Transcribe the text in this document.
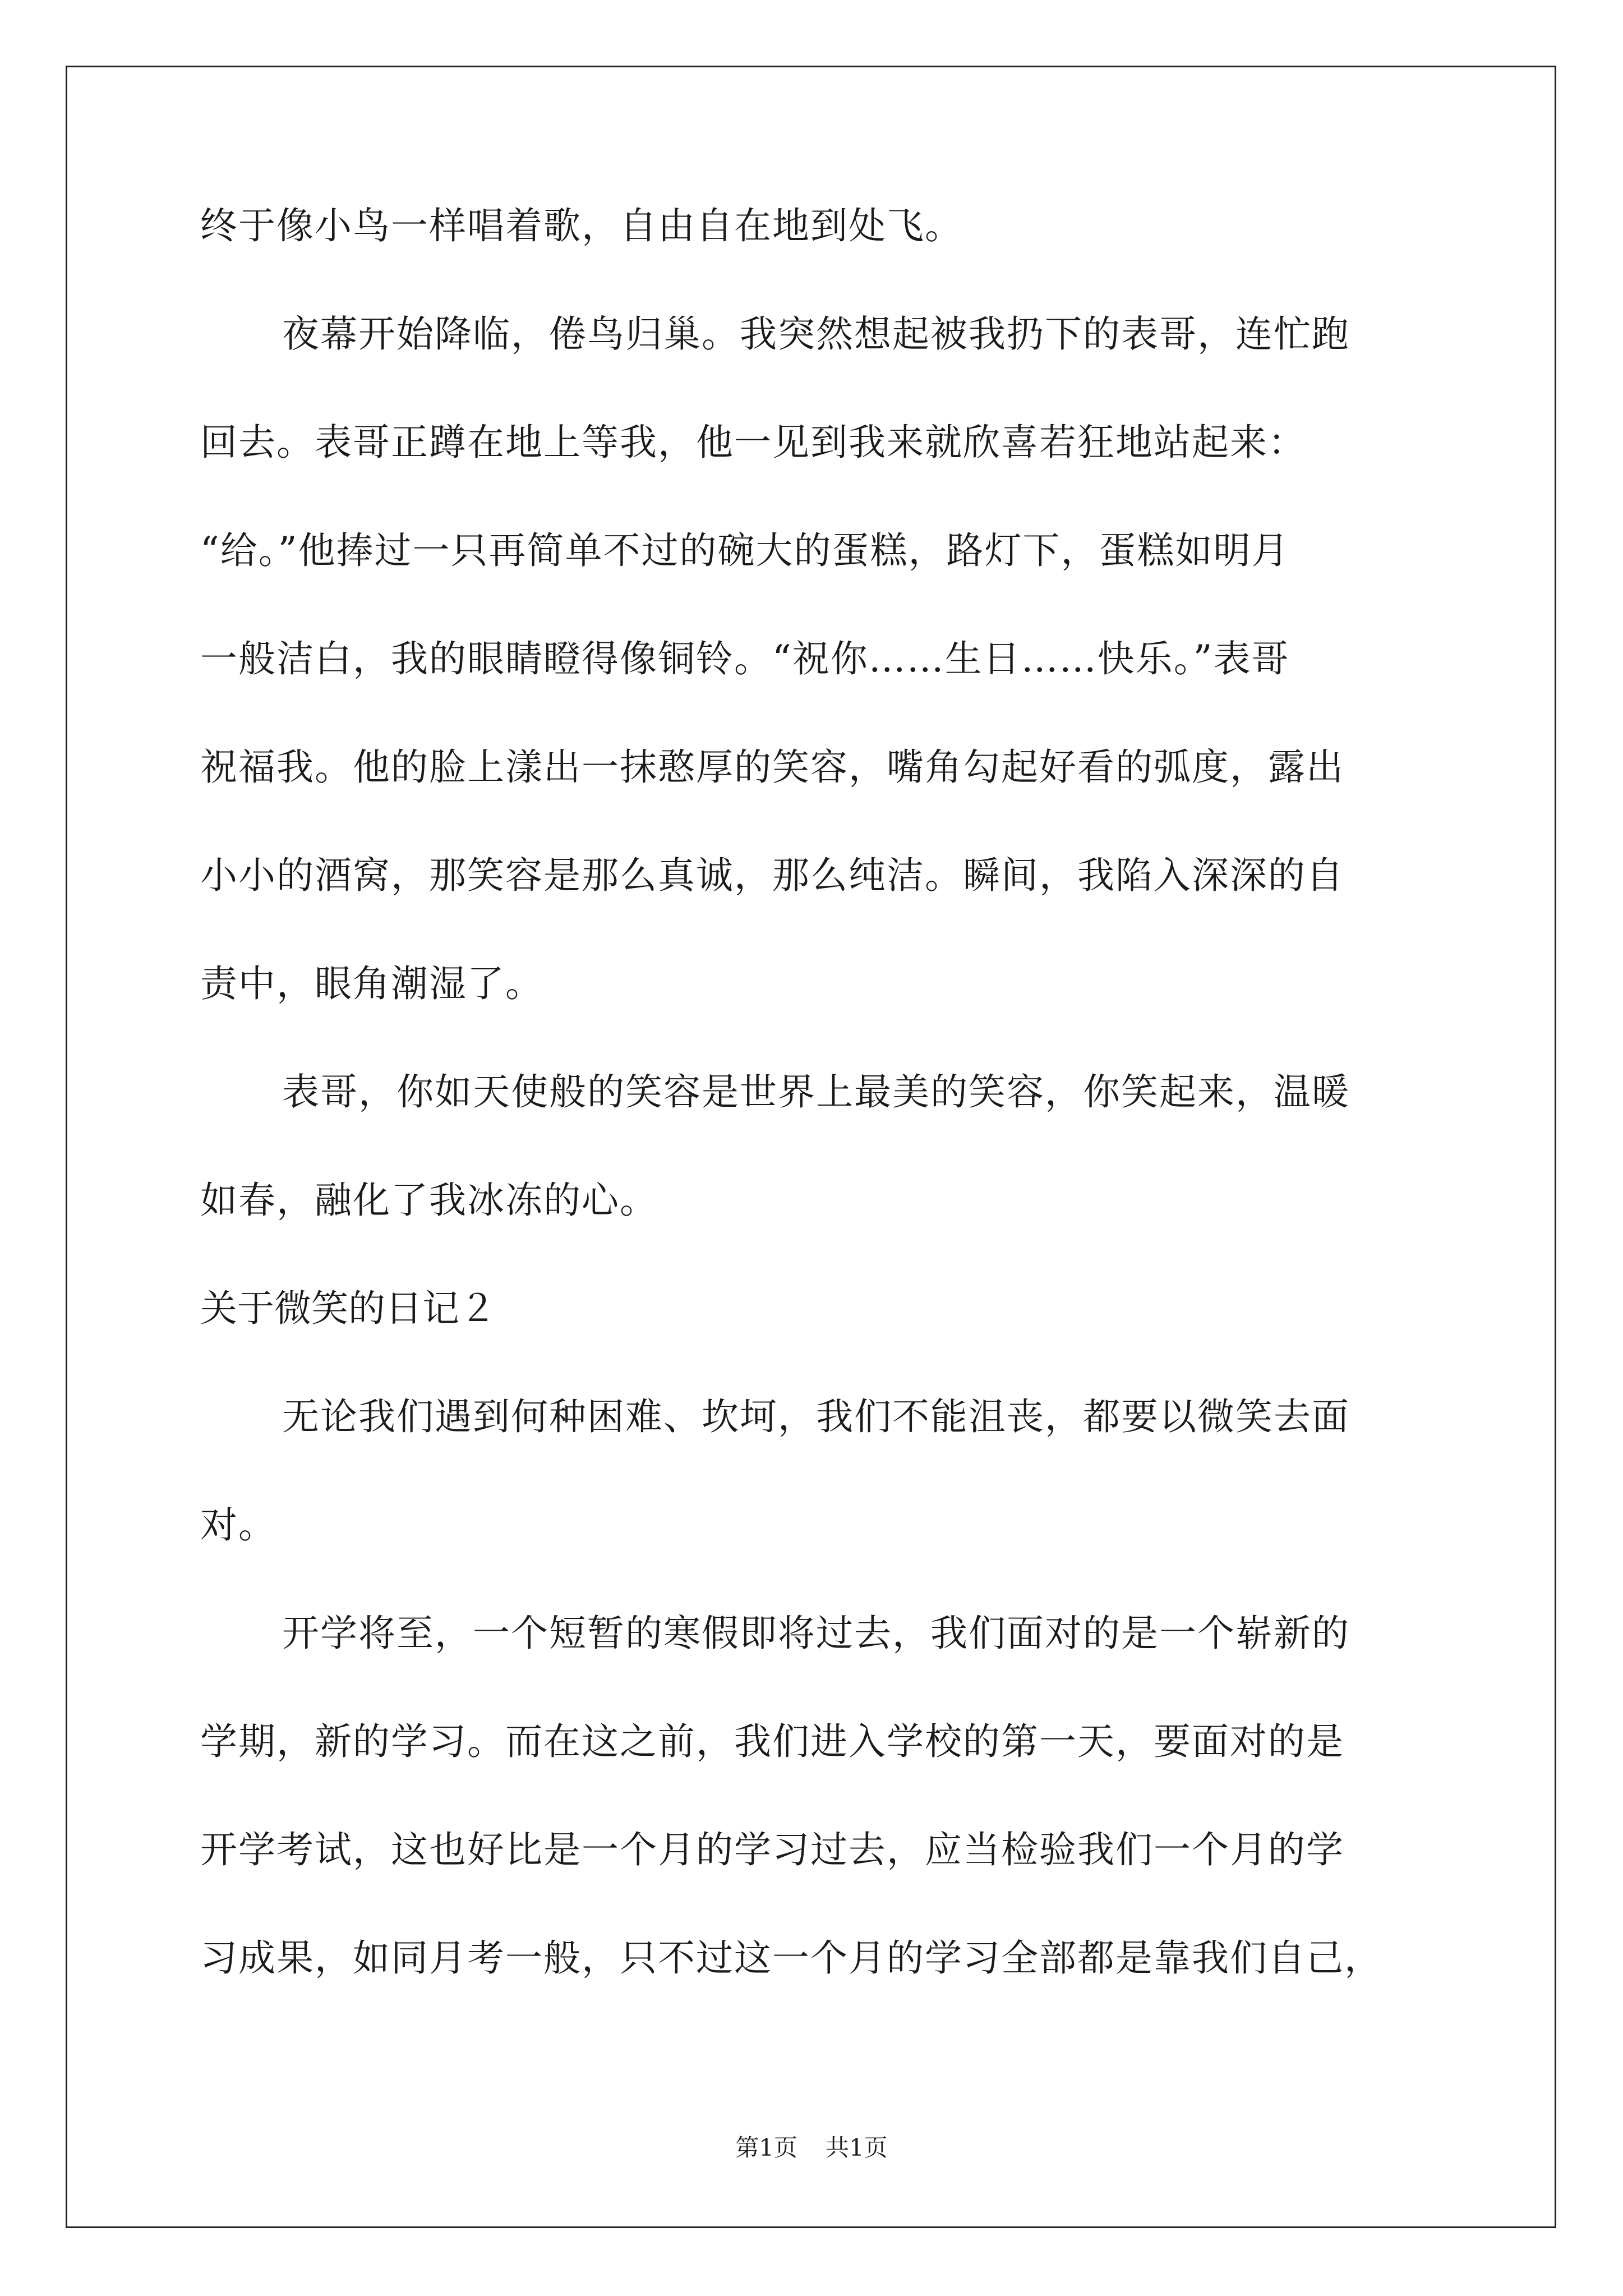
终于像小鸟一样唱着歌，自由自在地到处飞。
夜幕开始降临，倦鸟归巢。我突然想起被我扔下的表哥，连忙跑
回去。表哥正蹲在地上等我，他一见到我来就欣喜若狂地站起来：
“给。”他捧过一只再简单不过的碗大的蛋糕，路灯下，蛋糕如明月
一般洁白，我的眼睛瞪得像铜铃。“祝你……生日……快乐。”表哥
祝福我。他的脸上漾出一抹憨厚的笑容，嘴角勾起好看的弧度，露出
小小的酒窝，那笑容是那么真诚，那么纯洁。瞬间，我陷入深深的自
责中，眼角潮湿了。
表哥，你如天使般的笑容是世界上最美的笑容，你笑起来，温暖
如春，融化了我冰冻的心。
关于微笑的日记２
无论我们遇到何种困难、坎坷，我们不能沮丧，都要以微笑去面
对。
开学将至，一个短暂的寒假即将过去，我们面对的是一个崭新的
学期，新的学习。而在这之前，我们进入学校的第一天，要面对的是
开学考试，这也好比是一个月的学习过去，应当检验我们一个月的学
习成果，如同月考一般，只不过这一个月的学习全部都是靠我们自己，
第1页 共1页
